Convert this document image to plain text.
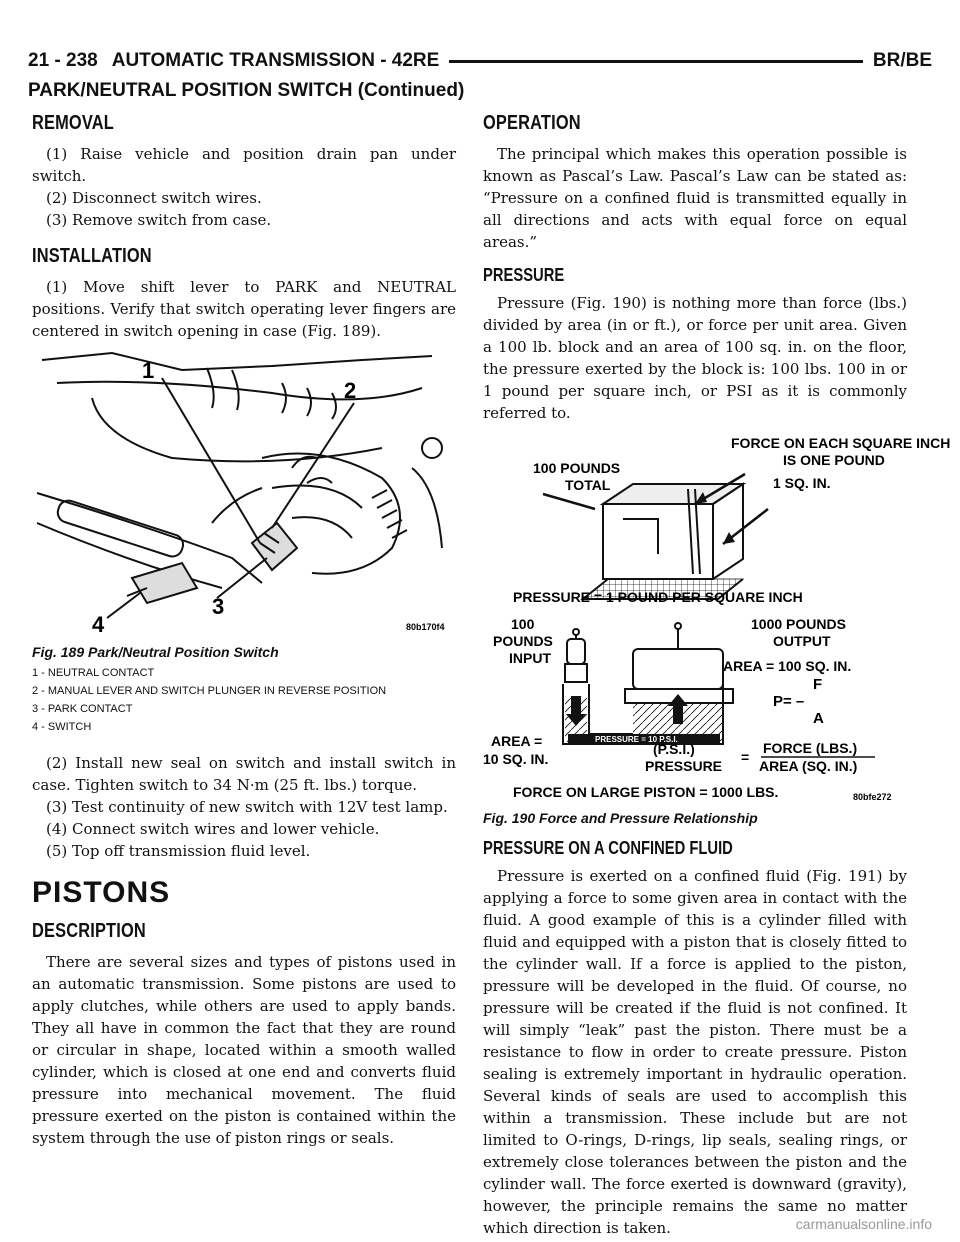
21 - 238 AUTOMATIC TRANSMISSION - 42RE	BR/BE
PARK/NEUTRAL POSITION SWITCH (Continued)
REMOVAL

(1) Raise vehicle and position drain pan under switch.

(2) Disconnect switch wires.

(3) Remove switch from case.

INSTALLATION

(1) Move shift lever to PARK and NEUTRAL positions. Verify that switch operating lever fingers are centered in switch opening in case (Fig. 189).

1
2
3
4	80b170f4
Fig. 189 Park/Neutral Position Switch
1 - NEUTRAL CONTACT
2 - MANUAL LEVER AND SWITCH PLUNGER IN REVERSE POSITION
3 - PARK CONTACT
4 - SWITCH

(2) Install new seal on switch and install switch in case. Tighten switch to 34 N·m (25 ft. lbs.) torque.

(3) Test continuity of new switch with 12V test lamp.

(4) Connect switch wires and lower vehicle.

(5) Top off transmission fluid level.

PISTONS
DESCRIPTION

There are several sizes and types of pistons used in an automatic transmission. Some pistons are used to apply clutches, while others are used to apply bands. They all have in common the fact that they are round or circular in shape, located within a smooth walled cylinder, which is closed at one end and converts fluid pressure into mechanical movement. The fluid pressure exerted on the piston is contained within the system through the use of piston rings or seals.

OPERATION

The principal which makes this operation possible is known as Pascal’s Law. Pascal’s Law can be stated as: “Pressure on a confined fluid is transmitted equally in all directions and acts with equal force on equal areas.”

PRESSURE

Pressure (Fig. 190) is nothing more than force (lbs.) divided by area (in or ft.), or force per unit area. Given a 100 lb. block and an area of 100 sq. in. on the floor, the pressure exerted by the block is: 100 lbs. 100 in or 1 pound per square inch, or PSI as it is commonly referred to.

FORCE ON EACH SQUARE INCH
IS ONE POUND
100 POUNDS
TOTAL	1 SQ. IN.
PRESSURE = 1 POUND PER SQUARE INCH
PRESSURE = 10 P.S.I.
100
POUNDS
INPUT
1000 POUNDS
OUTPUT
AREA = 100 SQ. IN.
F
P= –
A
AREA =
10 SQ. IN.
(P.S.I.)
PRESSURE
=
FORCE (LBS.)
AREA (SQ. IN.)
FORCE ON LARGE PISTON = 1000 LBS.	80bfe272
Fig. 190 Force and Pressure Relationship
PRESSURE ON A CONFINED FLUID

Pressure is exerted on a confined fluid (Fig. 191) by applying a force to some given area in contact with the fluid. A good example of this is a cylinder filled with fluid and equipped with a piston that is closely fitted to the cylinder wall. If a force is applied to the piston, pressure will be developed in the fluid. Of course, no pressure will be created if the fluid is not confined. It will simply “leak” past the piston. There must be a resistance to flow in order to create pressure. Piston sealing is extremely important in hydraulic operation. Several kinds of seals are used to accomplish this within a transmission. These include but are not limited to O-rings, D-rings, lip seals, sealing rings, or extremely close tolerances between the piston and the cylinder wall. The force exerted is downward (gravity), however, the principle remains the same no matter which direction is taken.	carmanualsonline.info
